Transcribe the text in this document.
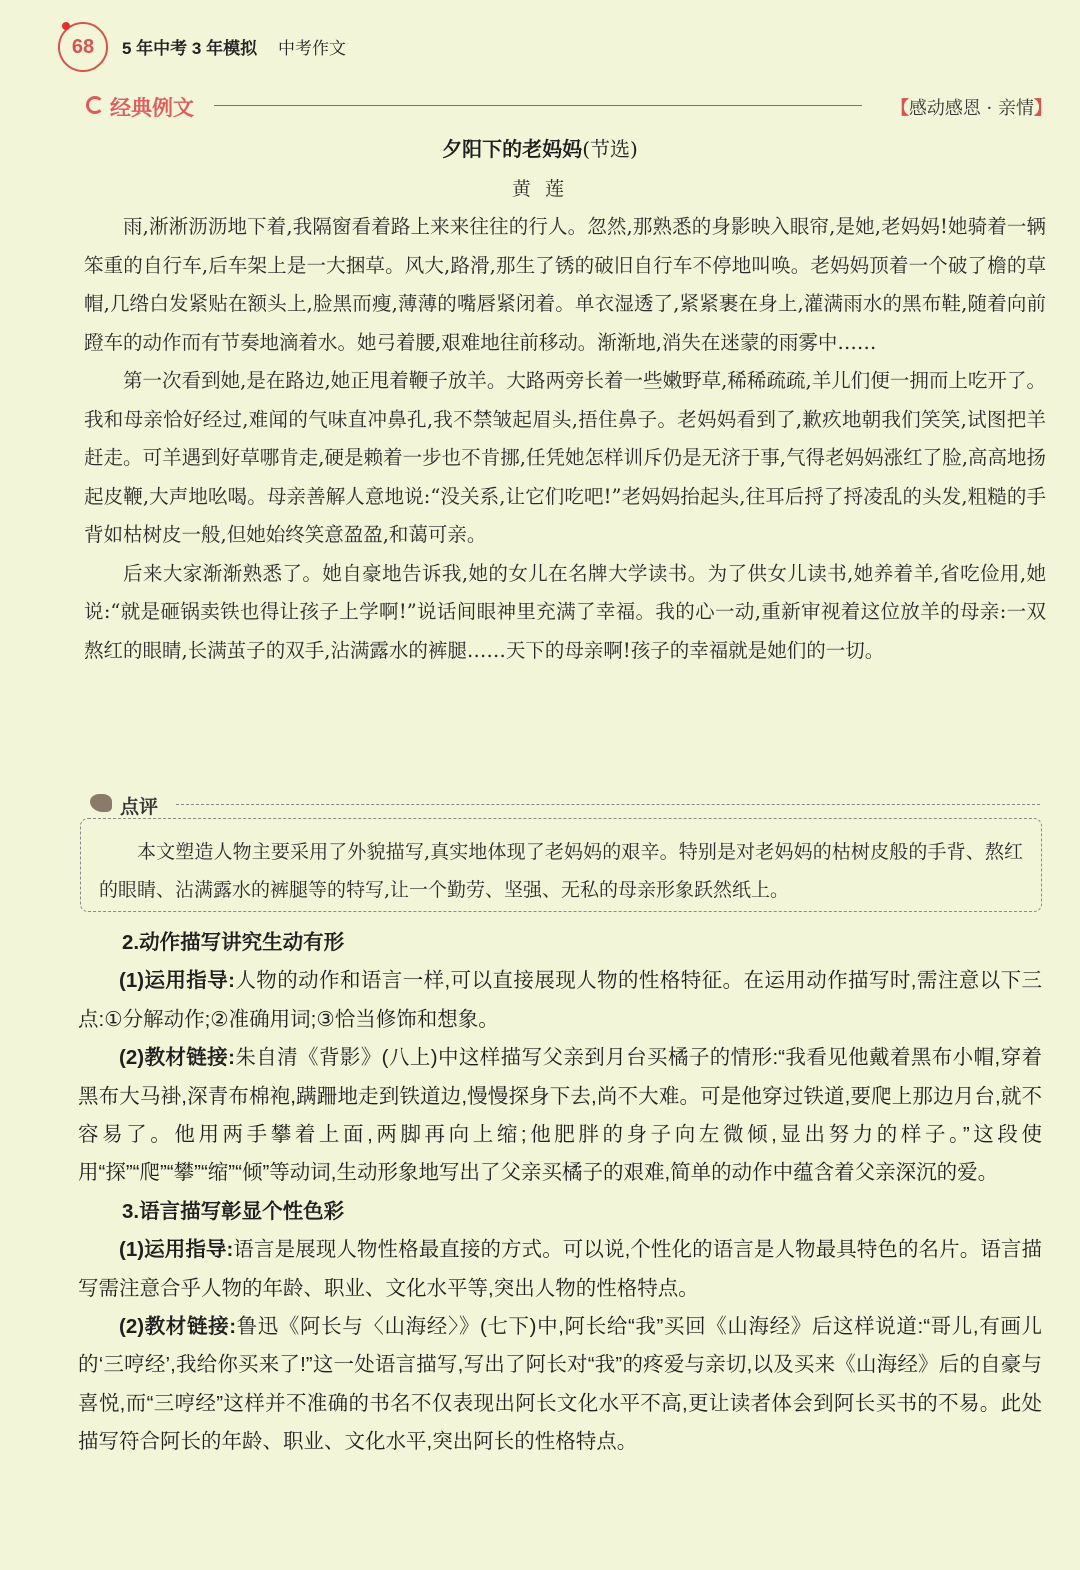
68	5 年中考 3 年模拟 中考作文
经典例文	【感动感恩 · 亲情】
夕阳下的老妈妈(节选)
黄 莲

雨,淅淅沥沥地下着,我隔窗看着路上来来往往的行人。忽然,那熟悉的身影映入眼帘,是她,老妈妈!她骑着一辆笨重的自行车,后车架上是一大捆草。风大,路滑,那生了锈的破旧自行车不停地叫唤。老妈妈顶着一个破了檐的草帽,几绺白发紧贴在额头上,脸黑而瘦,薄薄的嘴唇紧闭着。单衣湿透了,紧紧裹在身上,灌满雨水的黑布鞋,随着向前蹬车的动作而有节奏地滴着水。她弓着腰,艰难地往前移动。渐渐地,消失在迷蒙的雨雾中……

第一次看到她,是在路边,她正甩着鞭子放羊。大路两旁长着一些嫩野草,稀稀疏疏,羊儿们便一拥而上吃开了。我和母亲恰好经过,难闻的气味直冲鼻孔,我不禁皱起眉头,捂住鼻子。老妈妈看到了,歉疚地朝我们笑笑,试图把羊赶走。可羊遇到好草哪肯走,硬是赖着一步也不肯挪,任凭她怎样训斥仍是无济于事,气得老妈妈涨红了脸,高高地扬起皮鞭,大声地吆喝。母亲善解人意地说:“没关系,让它们吃吧!”老妈妈抬起头,往耳后捋了捋凌乱的头发,粗糙的手背如枯树皮一般,但她始终笑意盈盈,和蔼可亲。

后来大家渐渐熟悉了。她自豪地告诉我,她的女儿在名牌大学读书。为了供女儿读书,她养着羊,省吃俭用,她说:“就是砸锅卖铁也得让孩子上学啊!”说话间眼神里充满了幸福。我的心一动,重新审视着这位放羊的母亲:一双熬红的眼睛,长满茧子的双手,沾满露水的裤腿……天下的母亲啊!孩子的幸福就是她们的一切。

点评

本文塑造人物主要采用了外貌描写,真实地体现了老妈妈的艰辛。特别是对老妈妈的枯树皮般的手背、熬红的眼睛、沾满露水的裤腿等的特写,让一个勤劳、坚强、无私的母亲形象跃然纸上。

2.动作描写讲究生动有形

(1)运用指导:人物的动作和语言一样,可以直接展现人物的性格特征。在运用动作描写时,需注意以下三点:①分解动作;②准确用词;③恰当修饰和想象。

(2)教材链接:朱自清《背影》(八上)中这样描写父亲到月台买橘子的情形:“我看见他戴着黑布小帽,穿着黑布大马褂,深青布棉袍,蹒跚地走到铁道边,慢慢探身下去,尚不大难。可是他穿过铁道,要爬上那边月台,就不容易了。他用两手攀着上面,两脚再向上缩;他肥胖的身子向左微倾,显出努力的样子。”这段使用“探”“爬”“攀”“缩”“倾”等动词,生动形象地写出了父亲买橘子的艰难,简单的动作中蕴含着父亲深沉的爱。

3.语言描写彰显个性色彩

(1)运用指导:语言是展现人物性格最直接的方式。可以说,个性化的语言是人物最具特色的名片。语言描写需注意合乎人物的年龄、职业、文化水平等,突出人物的性格特点。

(2)教材链接:鲁迅《阿长与〈山海经〉》(七下)中,阿长给“我”买回《山海经》后这样说道:“哥儿,有画儿的‘三哼经’,我给你买来了!”这一处语言描写,写出了阿长对“我”的疼爱与亲切,以及买来《山海经》后的自豪与喜悦,而“三哼经”这样并不准确的书名不仅表现出阿长文化水平不高,更让读者体会到阿长买书的不易。此处描写符合阿长的年龄、职业、文化水平,突出阿长的性格特点。
